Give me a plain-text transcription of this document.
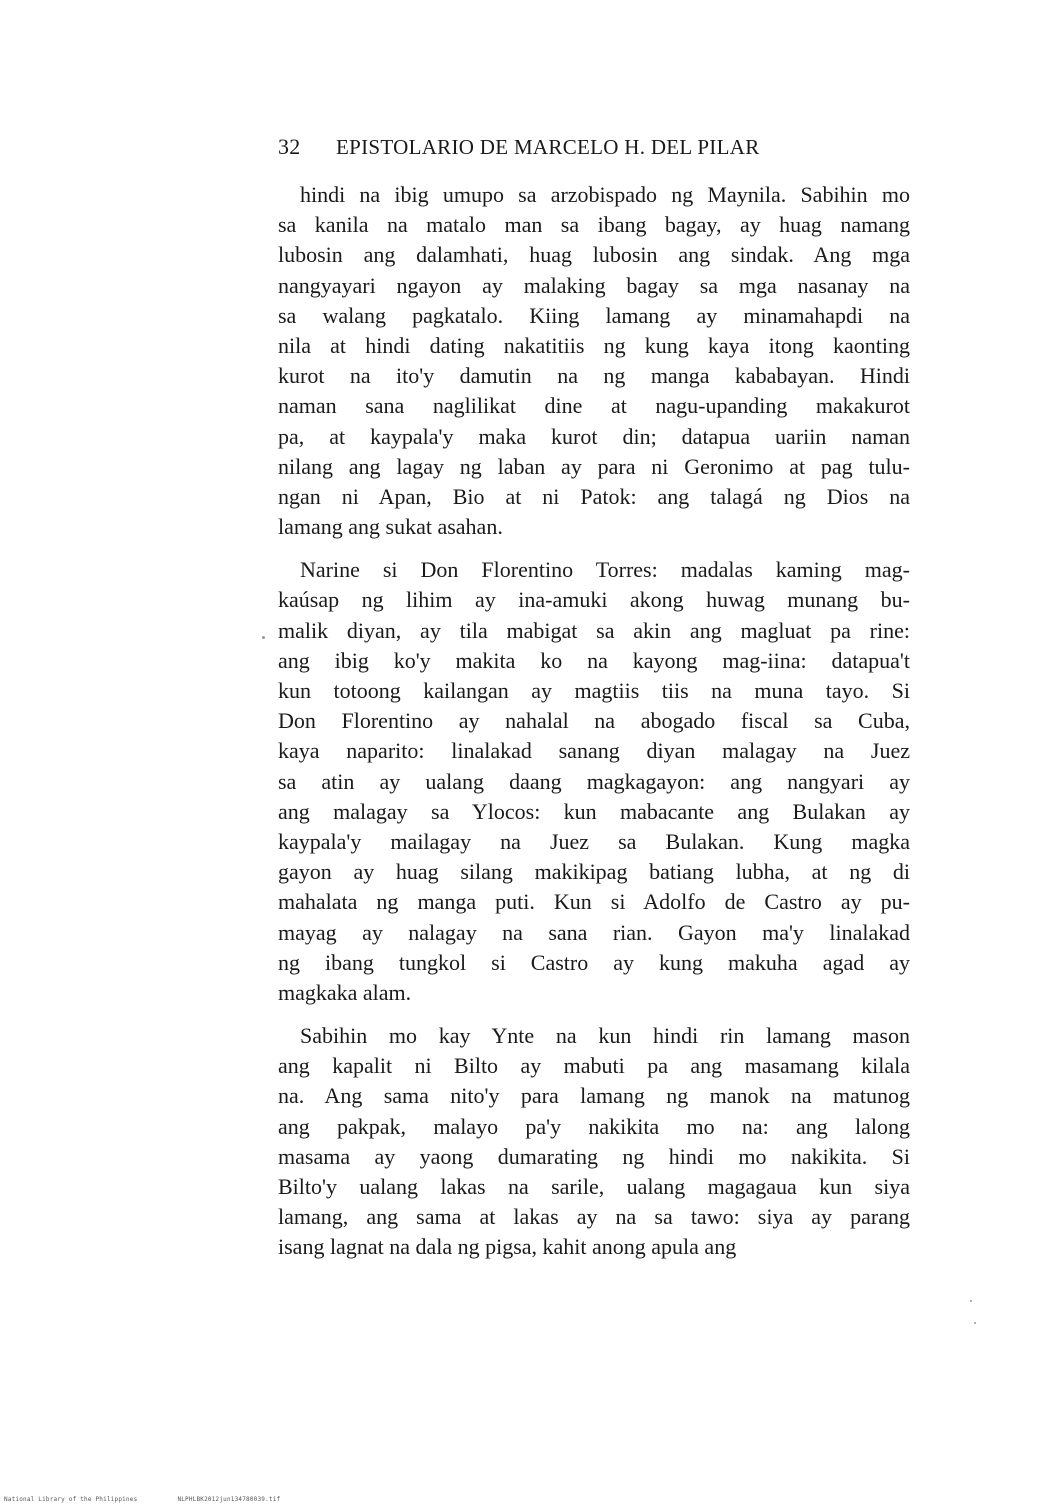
32 EPISTOLARIO DE MARCELO H. DEL PILAR
hindi na ibig umupo sa arzobispado ng Maynila. Sabihin mo
sa kanila na matalo man sa ibang bagay, ay huag namang
lubosin ang dalamhati, huag lubosin ang sindak. Ang mga
nangyayari ngayon ay malaking bagay sa mga nasanay na
sa walang pagkatalo. Kiing lamang ay minamahapdi na
nila at hindi dating nakatitiis ng kung kaya itong kaonting
kurot na ito'y damutin na ng manga kababayan. Hindi
naman sana naglilikat dine at nagu-upanding makakurot
pa, at kaypala'y maka kurot din; datapua uariin naman
nilang ang lagay ng laban ay para ni Geronimo at pag tulu-
ngan ni Apan, Bio at ni Patok: ang talagá ng Dios na
lamang ang sukat asahan.
Narine si Don Florentino Torres: madalas kaming mag-
kaúsap ng lihim ay ina-amuki akong huwag munang bu-
malik diyan, ay tila mabigat sa akin ang magluat pa rine:
ang ibig ko'y makita ko na kayong mag-iina: datapua't
kun totoong kailangan ay magtiis tiis na muna tayo. Si
Don Florentino ay nahalal na abogado fiscal sa Cuba,
kaya naparito: linalakad sanang diyan malagay na Juez
sa atin ay ualang daang magkagayon: ang nangyari ay
ang malagay sa Ylocos: kun mabacante ang Bulakan ay
kaypala'y mailagay na Juez sa Bulakan. Kung magka
gayon ay huag silang makikipag batiang lubha, at ng di
mahalata ng manga puti. Kun si Adolfo de Castro ay pu-
mayag ay nalagay na sana rian. Gayon ma'y linalakad
ng ibang tungkol si Castro ay kung makuha agad ay
magkaka alam.
Sabihin mo kay Ynte na kun hindi rin lamang mason
ang kapalit ni Bilto ay mabuti pa ang masamang kilala
na. Ang sama nito'y para lamang ng manok na matunog
ang pakpak, malayo pa'y nakikita mo na: ang lalong
masama ay yaong dumarating ng hindi mo nakikita. Si
Bilto'y ualang lakas na sarile, ualang magagaua kun siya
lamang, ang sama at lakas ay na sa tawo: siya ay parang
isang lagnat na dala ng pigsa, kahit anong apula ang
National Library of the Philippines	NLPHLBK2012jun134780039.tif
